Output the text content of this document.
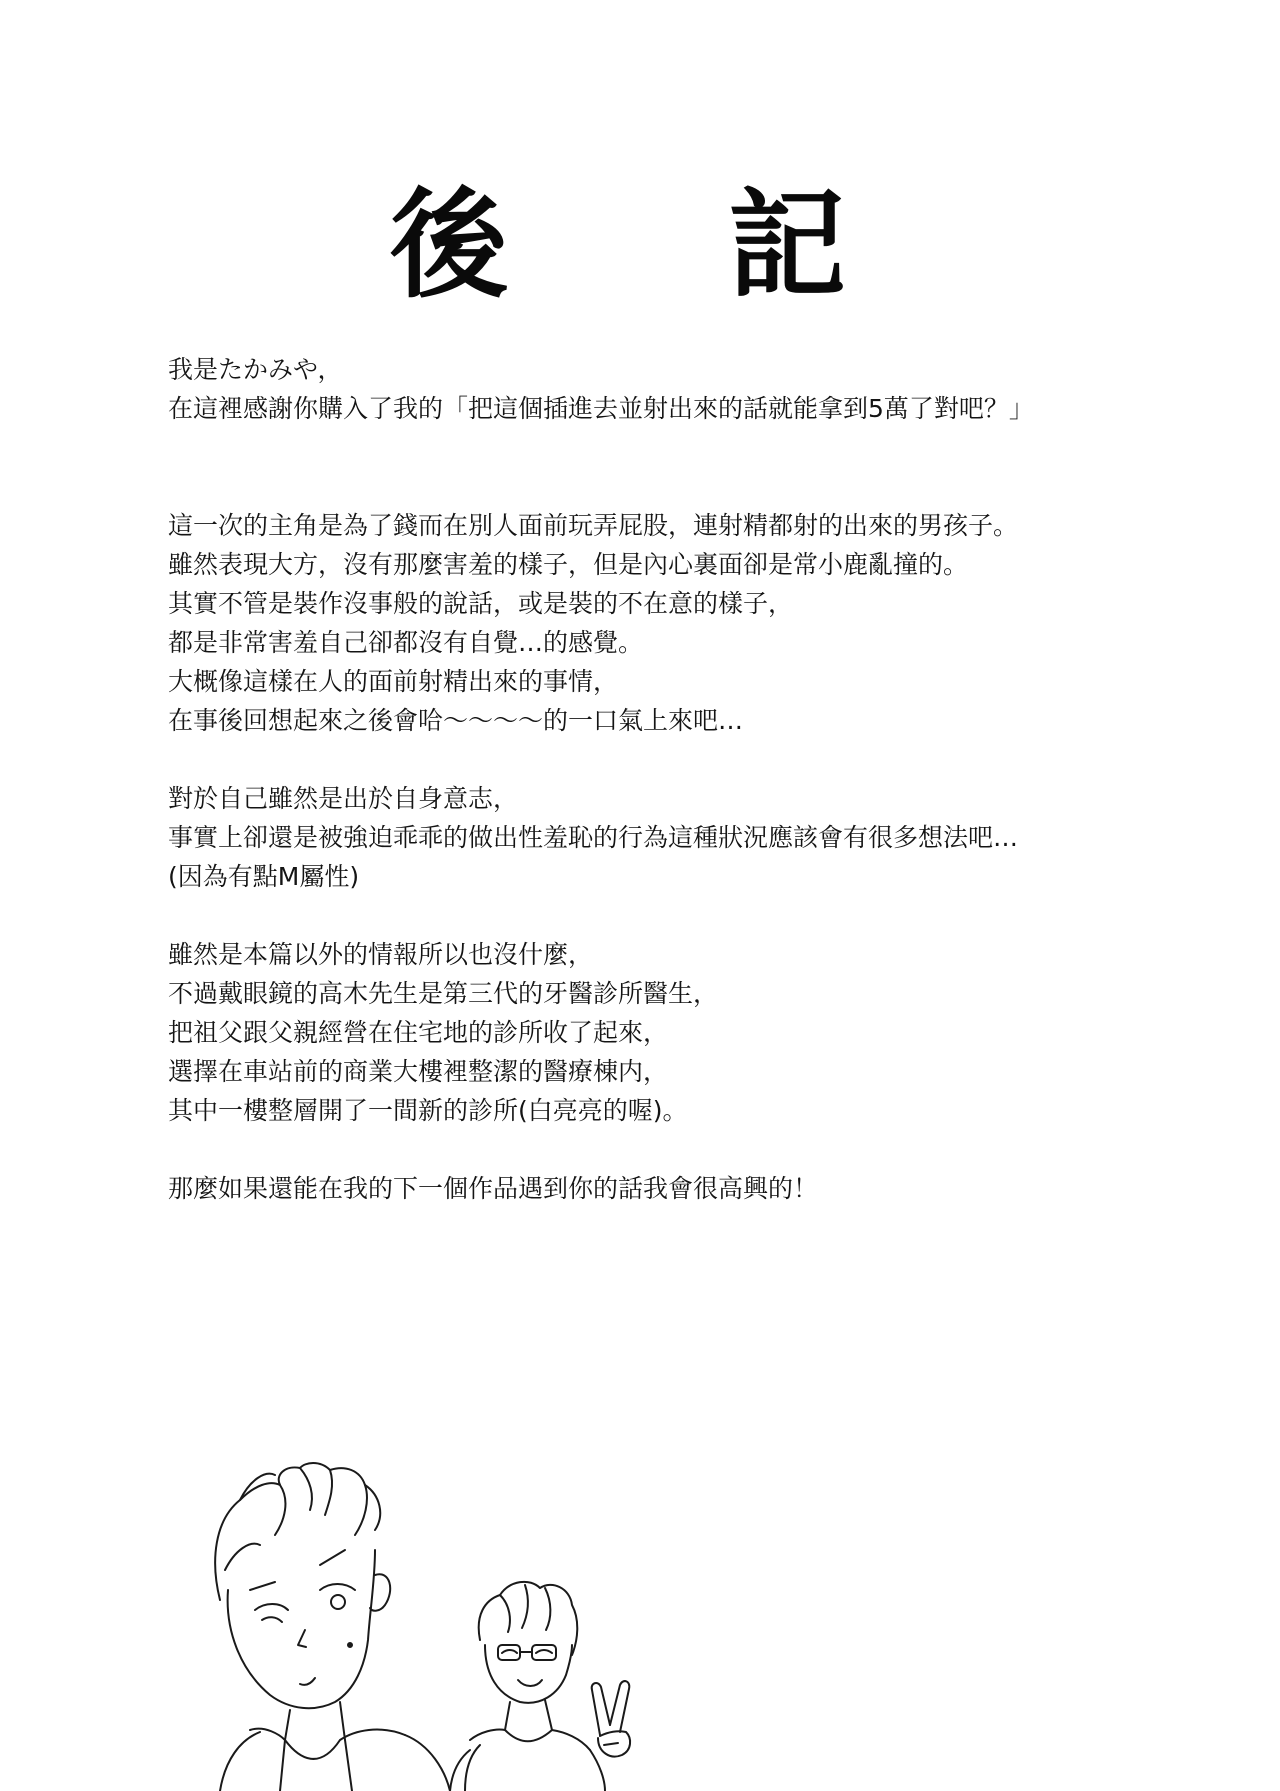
後 記
我是たかみや，
在這裡感謝你購入了我的「把這個插進去並射出來的話就能拿到5萬了對吧？」
這一次的主角是為了錢而在別人面前玩弄屁股，連射精都射的出來的男孩子。
雖然表現大方，沒有那麼害羞的樣子，但是內心裏面卻是常小鹿亂撞的。
其實不管是裝作沒事般的說話，或是裝的不在意的樣子，
都是非常害羞自己卻都沒有自覺…的感覺。
大概像這樣在人的面前射精出來的事情，
在事後回想起來之後會哈～～～～的一口氣上來吧…
對於自己雖然是出於自身意志，
事實上卻還是被強迫乖乖的做出性羞恥的行為這種狀況應該會有很多想法吧…
(因為有點M屬性)
雖然是本篇以外的情報所以也沒什麼，
不過戴眼鏡的高木先生是第三代的牙醫診所醫生，
把祖父跟父親經營在住宅地的診所收了起來，
選擇在車站前的商業大樓裡整潔的醫療棟内，
其中一樓整層開了一間新的診所(白亮亮的喔)。
那麼如果還能在我的下一個作品遇到你的話我會很高興的！
